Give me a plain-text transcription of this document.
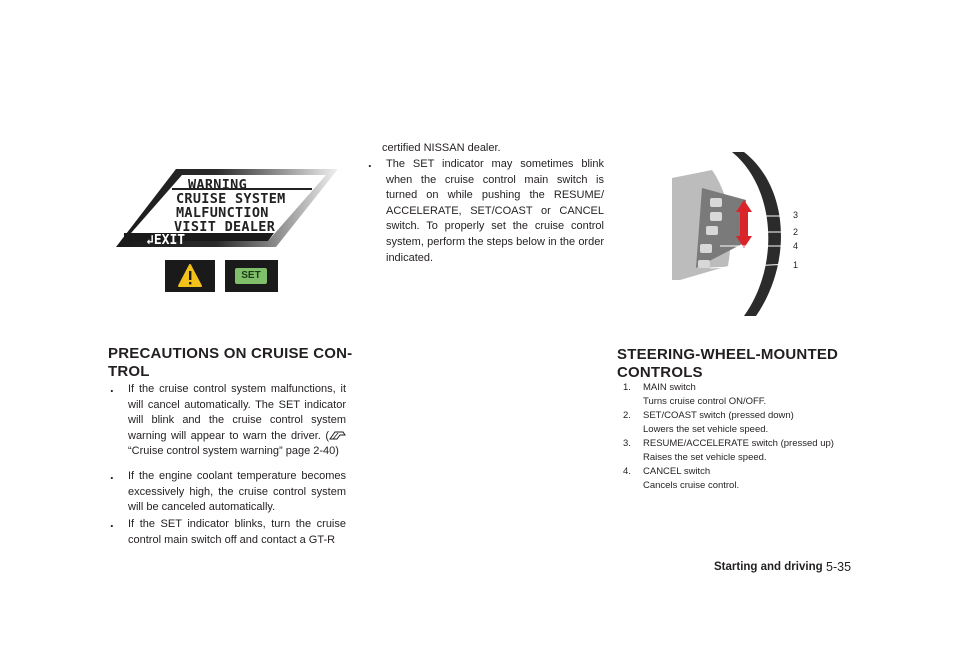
WARNING
CRUISE SYSTEM
MALFUNCTION
VISIT DEALER
↲EXIT
SET
PRECAUTIONS ON CRUISE CON-
TROL
.	If the cruise control system malfunctions, it will cancel automatically. The SET indicator will blink and the cruise control system warning will appear to warn the driver. (“Cruise control system warning” page 2-40)
.	If the engine coolant temperature becomes excessively high, the cruise control system will be canceled automatically.
.	If the SET indicator blinks, turn the cruise control main switch off and contact a GT-R
certified NISSAN dealer.
.	The SET indicator may sometimes blink when the cruise control main switch is turned on while pushing the RESUME/ ACCELERATE, SET/COAST or CANCEL switch. To properly set the cruise control system, perform the steps below in the order indicated.
3
2
4
1
STEERING-WHEEL-MOUNTED
CONTROLS
1. MAIN switch
Turns cruise control ON/OFF.
2. SET/COAST switch (pressed down)
Lowers the set vehicle speed.
3. RESUME/ACCELERATE switch (pressed up)
Raises the set vehicle speed.
4. CANCEL switch
Cancels cruise control.
Starting and driving 5-35
